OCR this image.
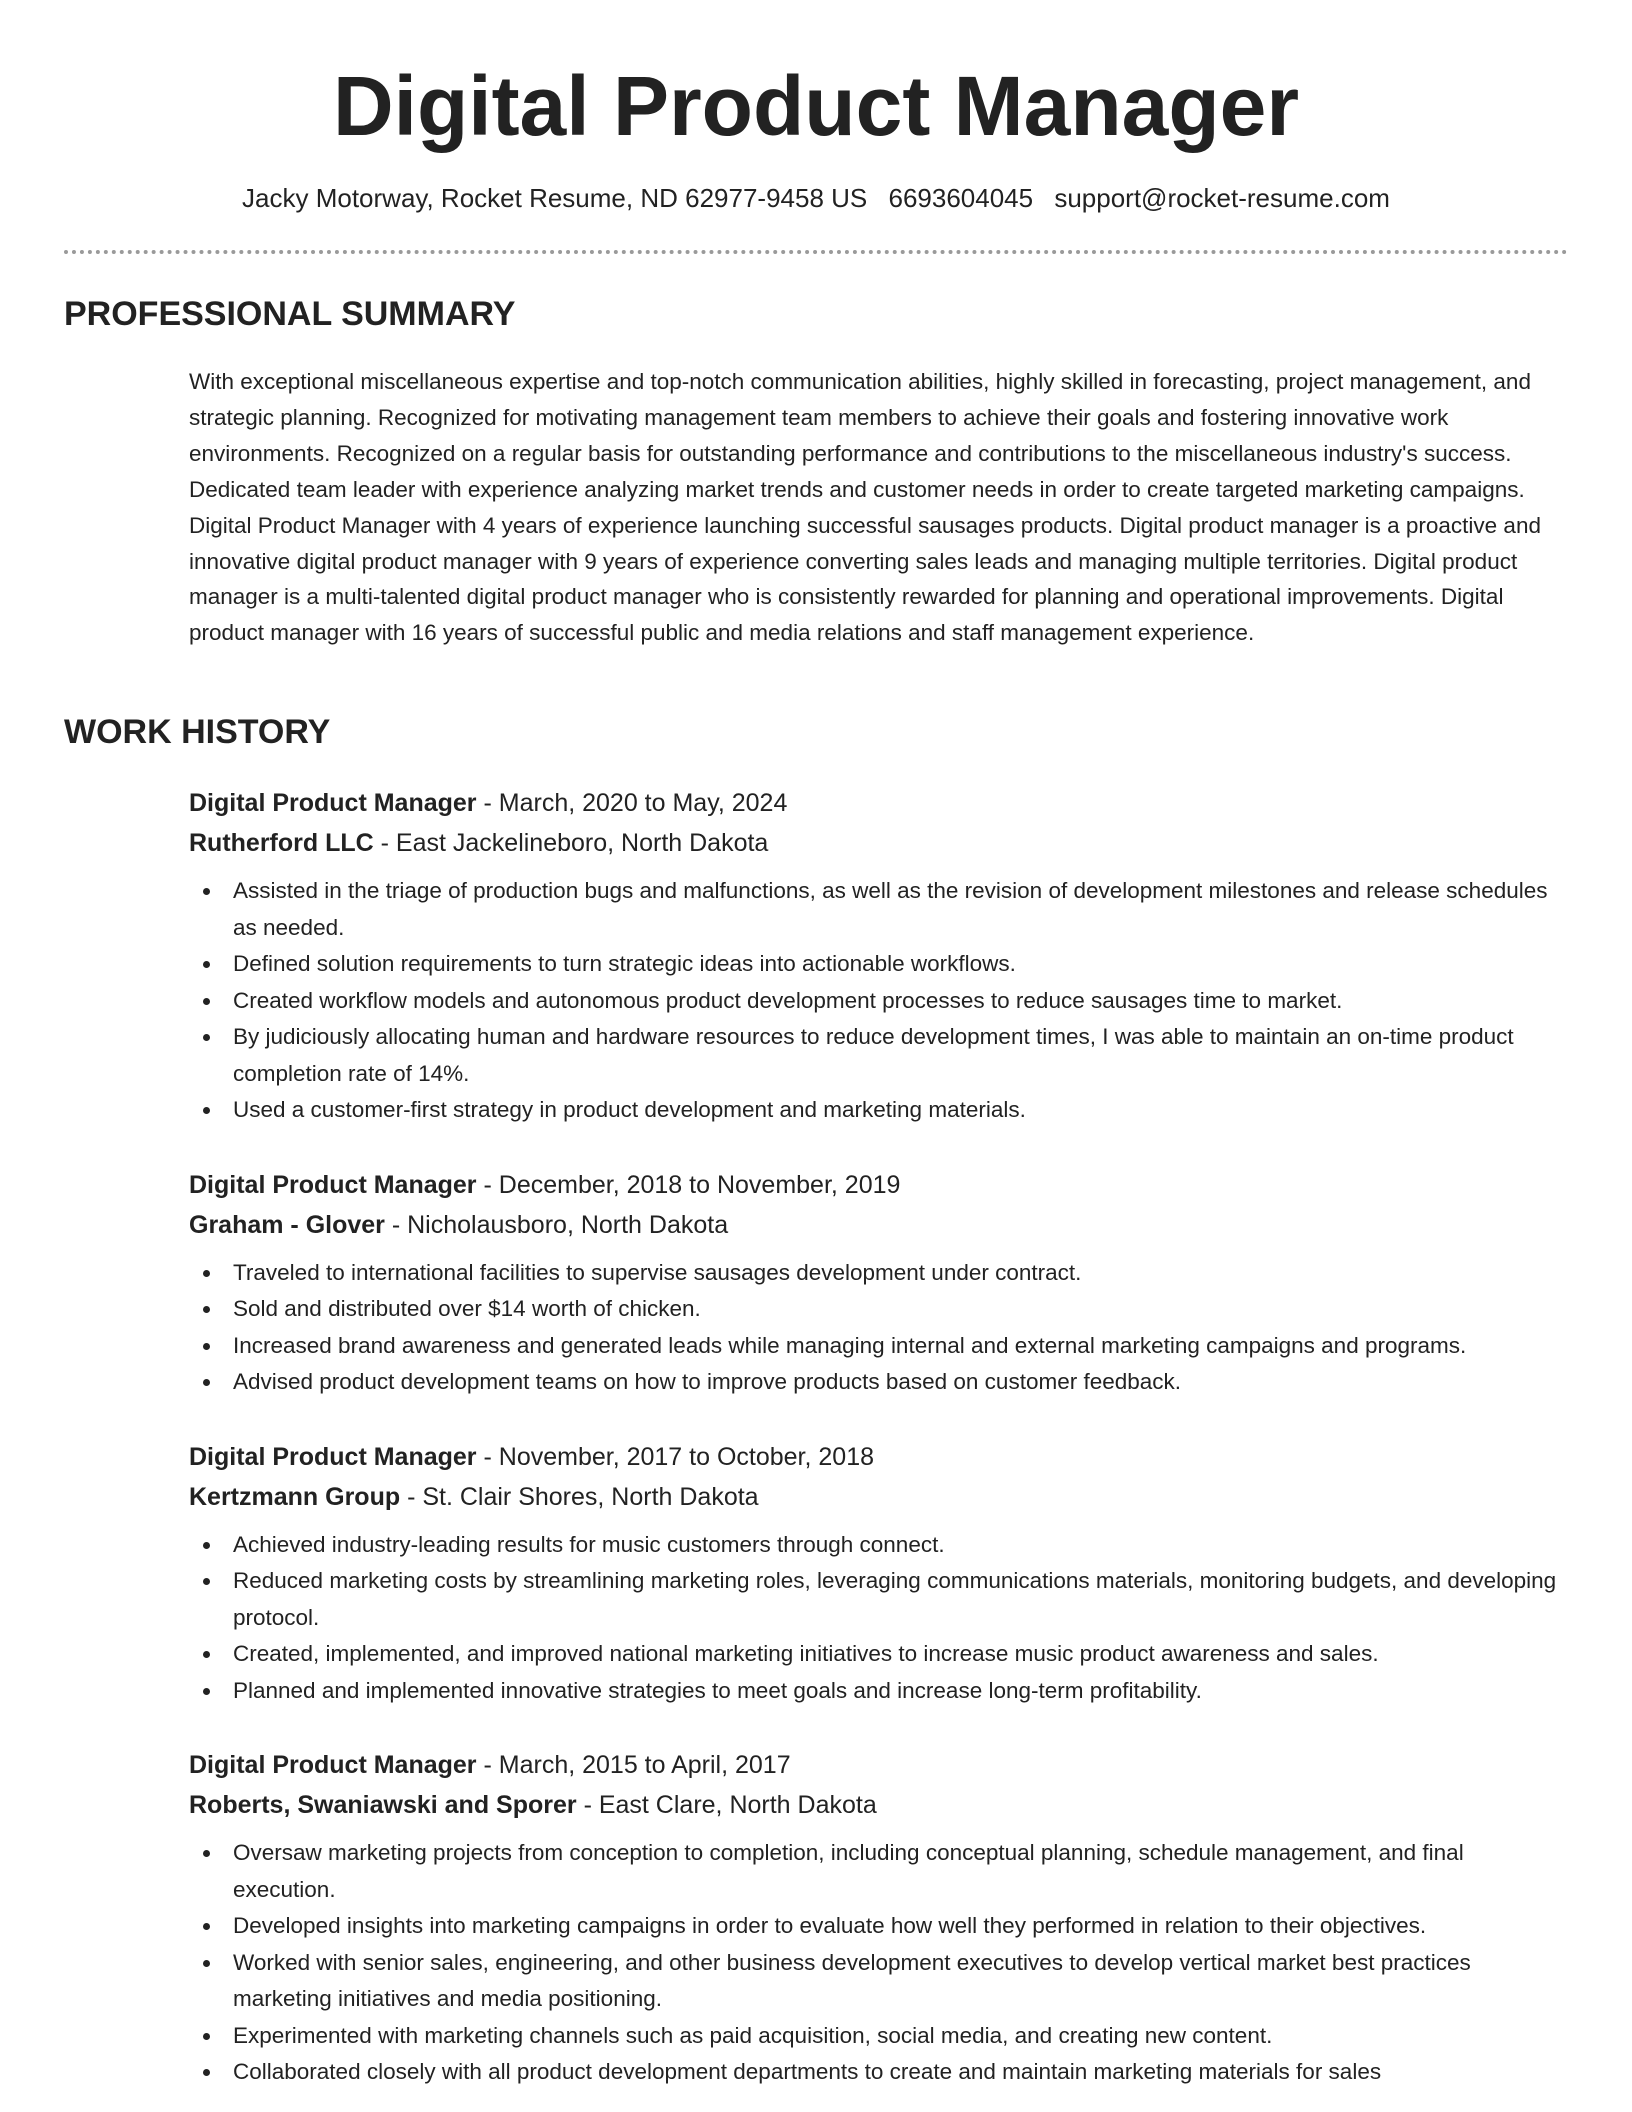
Digital Product Manager
Jacky Motorway, Rocket Resume, ND 62977-9458 US 6693604045 support@rocket-resume.com
PROFESSIONAL SUMMARY

With exceptional miscellaneous expertise and top-notch communication abilities, highly skilled in forecasting, project management, and strategic planning. Recognized for motivating management team members to achieve their goals and fostering innovative work environments. Recognized on a regular basis for outstanding performance and contributions to the miscellaneous industry's success. Dedicated team leader with experience analyzing market trends and customer needs in order to create targeted marketing campaigns. Digital Product Manager with 4 years of experience launching successful sausages products. Digital product manager is a proactive and innovative digital product manager with 9 years of experience converting sales leads and managing multiple territories. Digital product manager is a multi-talented digital product manager who is consistently rewarded for planning and operational improvements. Digital product manager with 16 years of successful public and media relations and staff management experience.

WORK HISTORY
Digital Product Manager - March, 2020 to May, 2024
Rutherford LLC - East Jackelineboro, North Dakota
Assisted in the triage of production bugs and malfunctions, as well as the revision of development milestones and release schedules as needed.
Defined solution requirements to turn strategic ideas into actionable workflows.
Created workflow models and autonomous product development processes to reduce sausages time to market.
By judiciously allocating human and hardware resources to reduce development times, I was able to maintain an on-time product completion rate of 14%.
Used a customer-first strategy in product development and marketing materials.
Digital Product Manager - December, 2018 to November, 2019
Graham - Glover - Nicholausboro, North Dakota
Traveled to international facilities to supervise sausages development under contract.
Sold and distributed over $14 worth of chicken.
Increased brand awareness and generated leads while managing internal and external marketing campaigns and programs.
Advised product development teams on how to improve products based on customer feedback.
Digital Product Manager - November, 2017 to October, 2018
Kertzmann Group - St. Clair Shores, North Dakota
Achieved industry-leading results for music customers through connect.
Reduced marketing costs by streamlining marketing roles, leveraging communications materials, monitoring budgets, and developing protocol.
Created, implemented, and improved national marketing initiatives to increase music product awareness and sales.
Planned and implemented innovative strategies to meet goals and increase long-term profitability.
Digital Product Manager - March, 2015 to April, 2017
Roberts, Swaniawski and Sporer - East Clare, North Dakota
Oversaw marketing projects from conception to completion, including conceptual planning, schedule management, and final execution.
Developed insights into marketing campaigns in order to evaluate how well they performed in relation to their objectives.
Worked with senior sales, engineering, and other business development executives to develop vertical market best practices marketing initiatives and media positioning.
Experimented with marketing channels such as paid acquisition, social media, and creating new content.
Collaborated closely with all product development departments to create and maintain marketing materials for sales
